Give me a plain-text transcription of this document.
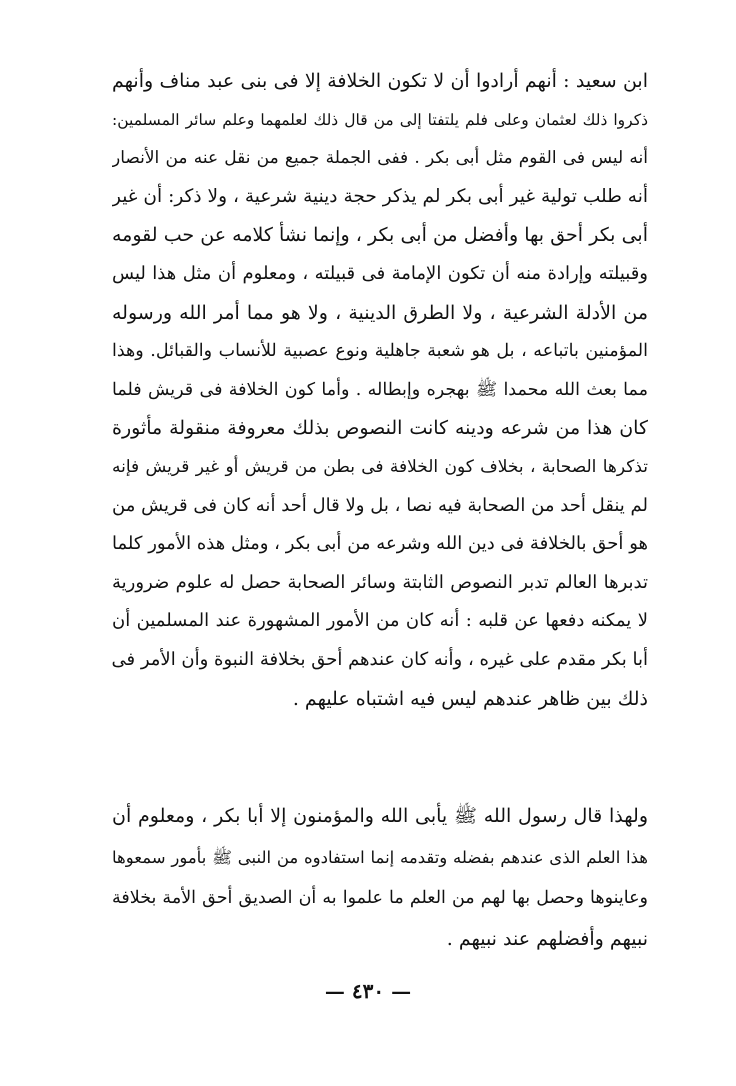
ابن سعيد : أنهم أرادوا أن لا تكون الخلافة إلا فى بنى عبد مناف وأنهم
ذكروا ذلك لعثمان وعلى فلم يلتفتا إلى من قال ذلك لعلمهما وعلم سائر المسلمين:
أنه ليس فى القوم مثل أبى بكر . ففى الجملة جميع من نقل عنه من الأنصار
أنه طلب تولية غير أبى بكر لم يذكر حجة دينية شرعية ، ولا ذكر: أن غير
أبى بكر أحق بها وأفضل من أبى بكر ، وإنما نشأ كلامه عن حب لقومه
وقبيلته وإرادة منه أن تكون الإمامة فى قبيلته ، ومعلوم أن مثل هذا ليس
من الأدلة الشرعية ، ولا الطرق الدينية ، ولا هو مما أمر الله ورسوله
المؤمنين باتباعه ، بل هو شعبة جاهلية ونوع عصبية للأنساب والقبائل. وهذا
مما بعث الله محمدا ﷺ بهجره وإبطاله . وأما كون الخلافة فى قريش فلما
كان هذا من شرعه ودينه كانت النصوص بذلك معروفة منقولة مأثورة
تذكرها الصحابة ، بخلاف كون الخلافة فى بطن من قريش أو غير قريش فإنه
لم ينقل أحد من الصحابة فيه نصا ، بل ولا قال أحد أنه كان فى قريش من
هو أحق بالخلافة فى دين الله وشرعه من أبى بكر ، ومثل هذه الأمور كلما
تدبرها العالم تدبر النصوص الثابتة وسائر الصحابة حصل له علوم ضرورية
لا يمكنه دفعها عن قلبه : أنه كان من الأمور المشهورة عند المسلمين أن
أبا بكر مقدم على غيره ، وأنه كان عندهم أحق بخلافة النبوة وأن الأمر فى
ذلك بين ظاهر عندهم ليس فيه اشتباه عليهم .
ولهذا قال رسول الله ﷺ يأبى الله والمؤمنون إلا أبا بكر ، ومعلوم أن
هذا العلم الذى عندهم بفضله وتقدمه إنما استفادوه من النبى ﷺ بأمور سمعوها
وعاينوها وحصل بها لهم من العلم ما علموا به أن الصديق أحق الأمة بخلافة
نبيهم وأفضلهم عند نبيهم .
— ٤٣٠ —
